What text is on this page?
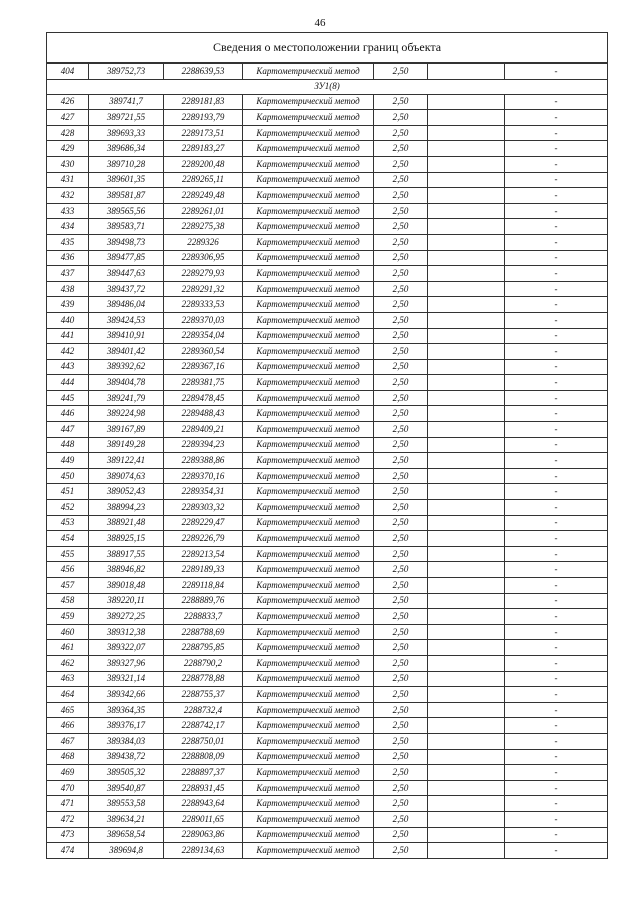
46
Сведения о местоположении границ объекта						
404	389752,73	2288639,53	Картометрический метод	2,50		-
ЗУ1(8)						
426	389741,7	2289181,83	Картометрический метод	2,50		-
427	389721,55	2289193,79	Картометрический метод	2,50		-
428	389693,33	2289173,51	Картометрический метод	2,50		-
429	389686,34	2289183,27	Картометрический метод	2,50		-
430	389710,28	2289200,48	Картометрический метод	2,50		-
431	389601,35	2289265,11	Картометрический метод	2,50		-
432	389581,87	2289249,48	Картометрический метод	2,50		-
433	389565,56	2289261,01	Картометрический метод	2,50		-
434	389583,71	2289275,38	Картометрический метод	2,50		-
435	389498,73	2289326	Картометрический метод	2,50		-
436	389477,85	2289306,95	Картометрический метод	2,50		-
437	389447,63	2289279,93	Картометрический метод	2,50		-
438	389437,72	2289291,32	Картометрический метод	2,50		-
439	389486,04	2289333,53	Картометрический метод	2,50		-
440	389424,53	2289370,03	Картометрический метод	2,50		-
441	389410,91	2289354,04	Картометрический метод	2,50		-
442	389401,42	2289360,54	Картометрический метод	2,50		-
443	389392,62	2289367,16	Картометрический метод	2,50		-
444	389404,78	2289381,75	Картометрический метод	2,50		-
445	389241,79	2289478,45	Картометрический метод	2,50		-
446	389224,98	2289488,43	Картометрический метод	2,50		-
447	389167,89	2289409,21	Картометрический метод	2,50		-
448	389149,28	2289394,23	Картометрический метод	2,50		-
449	389122,41	2289388,86	Картометрический метод	2,50		-
450	389074,63	2289370,16	Картометрический метод	2,50		-
451	389052,43	2289354,31	Картометрический метод	2,50		-
452	388994,23	2289303,32	Картометрический метод	2,50		-
453	388921,48	2289229,47	Картометрический метод	2,50		-
454	388925,15	2289226,79	Картометрический метод	2,50		-
455	388917,55	2289213,54	Картометрический метод	2,50		-
456	388946,82	2289189,33	Картометрический метод	2,50		-
457	389018,48	2289118,84	Картометрический метод	2,50		-
458	389220,11	2288889,76	Картометрический метод	2,50		-
459	389272,25	2288833,7	Картометрический метод	2,50		-
460	389312,38	2288788,69	Картометрический метод	2,50		-
461	389322,07	2288795,85	Картометрический метод	2,50		-
462	389327,96	2288790,2	Картометрический метод	2,50		-
463	389321,14	2288778,88	Картометрический метод	2,50		-
464	389342,66	2288755,37	Картометрический метод	2,50		-
465	389364,35	2288732,4	Картометрический метод	2,50		-
466	389376,17	2288742,17	Картометрический метод	2,50		-
467	389384,03	2288750,01	Картометрический метод	2,50		-
468	389438,72	2288808,09	Картометрический метод	2,50		-
469	389505,32	2288897,37	Картометрический метод	2,50		-
470	389540,87	2288931,45	Картометрический метод	2,50		-
471	389553,58	2288943,64	Картометрический метод	2,50		-
472	389634,21	2289011,65	Картометрический метод	2,50		-
473	389658,54	2289063,86	Картометрический метод	2,50		-
474	389694,8	2289134,63	Картометрический метод	2,50		-
